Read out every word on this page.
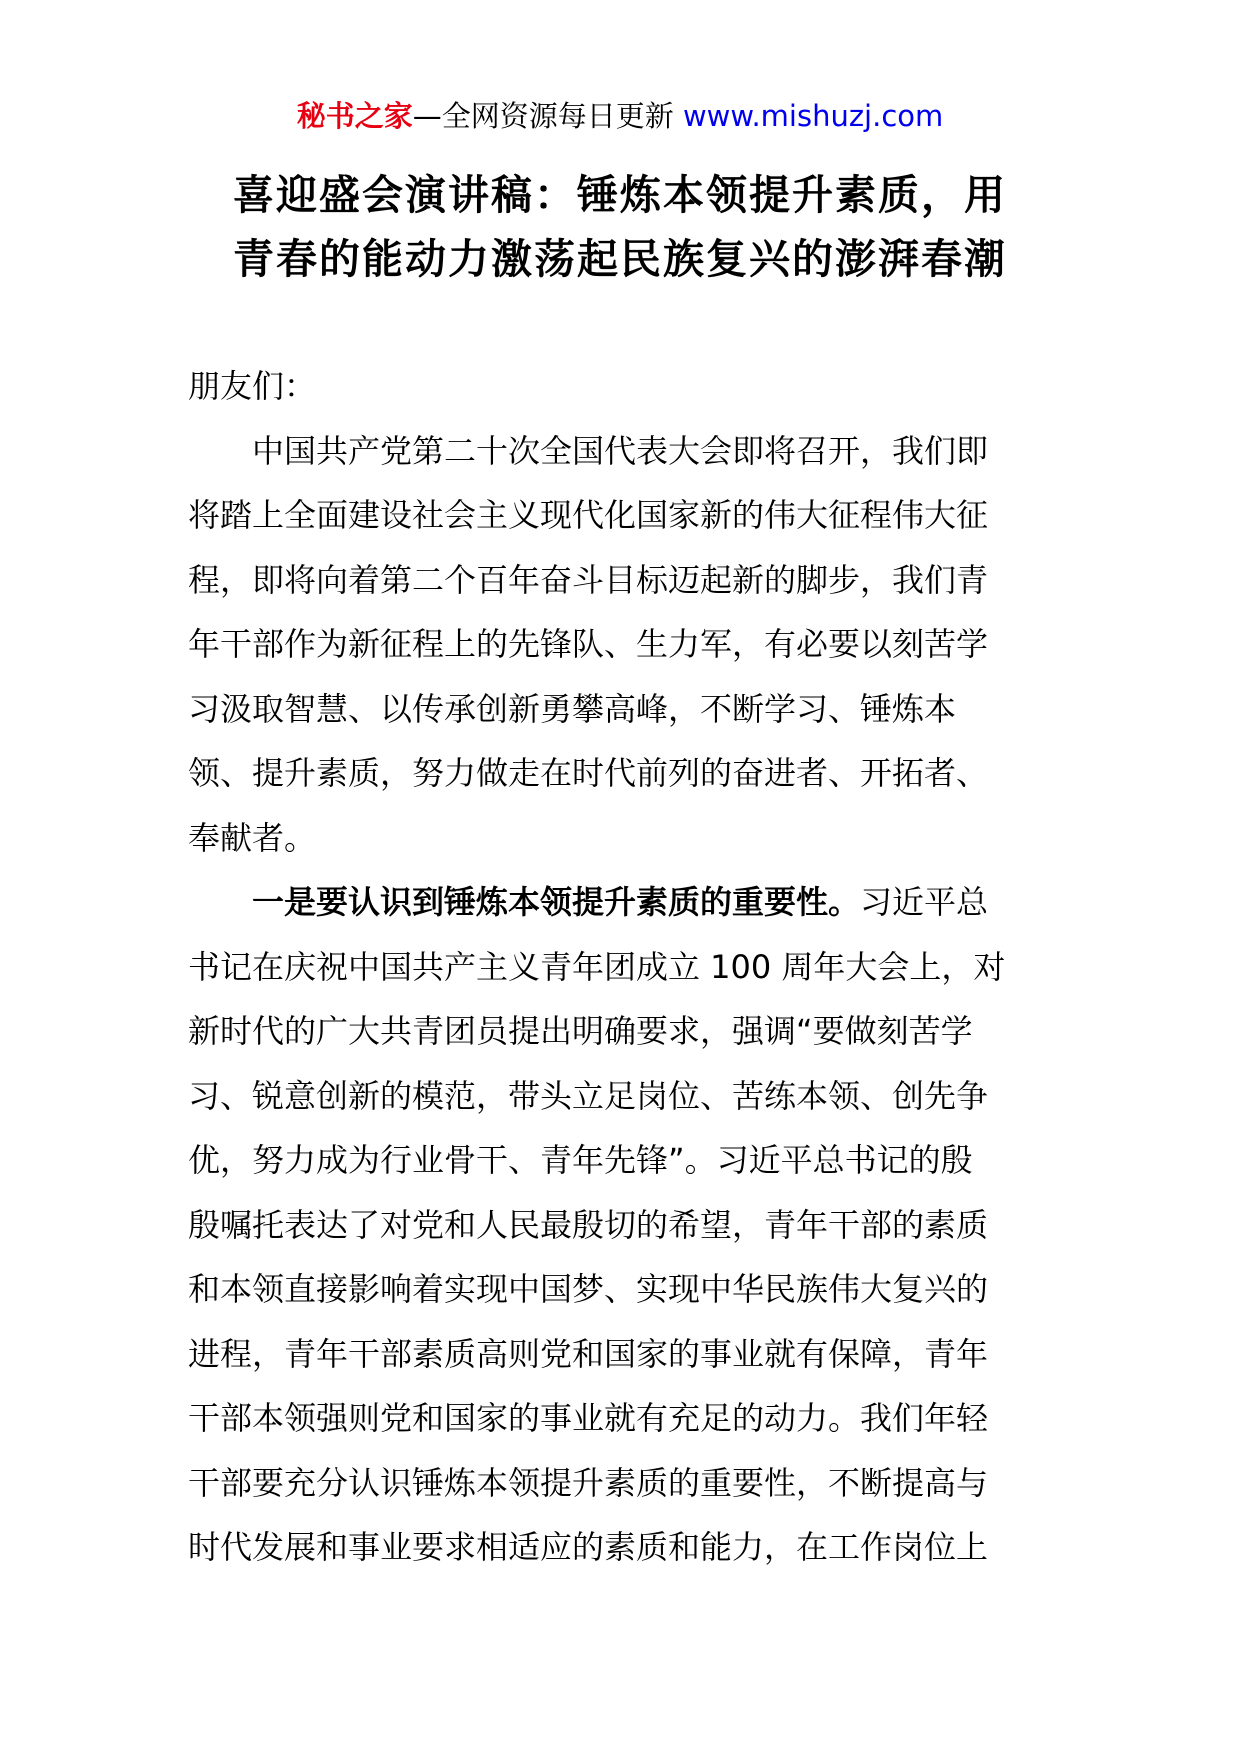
秘书之家—全网资源每日更新 www.mishuzj.com
喜迎盛会演讲稿：锤炼本领提升素质，用
青春的能动力激荡起民族复兴的澎湃春潮
朋友们：
中国共产党第二十次全国代表大会即将召开，我们即
将踏上全面建设社会主义现代化国家新的伟大征程伟大征
程，即将向着第二个百年奋斗目标迈起新的脚步，我们青
年干部作为新征程上的先锋队、生力军，有必要以刻苦学
习汲取智慧、以传承创新勇攀高峰，不断学习、锤炼本
领、提升素质，努力做走在时代前列的奋进者、开拓者、
奉献者。
一是要认识到锤炼本领提升素质的重要性。习近平总
书记在庆祝中国共产主义青年团成立 100 周年大会上，对
新时代的广大共青团员提出明确要求，强调“要做刻苦学
习、锐意创新的模范，带头立足岗位、苦练本领、创先争
优，努力成为行业骨干、青年先锋”。习近平总书记的殷
殷嘱托表达了对党和人民最殷切的希望，青年干部的素质
和本领直接影响着实现中国梦、实现中华民族伟大复兴的
进程，青年干部素质高则党和国家的事业就有保障，青年
干部本领强则党和国家的事业就有充足的动力。我们年轻
干部要充分认识锤炼本领提升素质的重要性，不断提高与
时代发展和事业要求相适应的素质和能力，在工作岗位上
